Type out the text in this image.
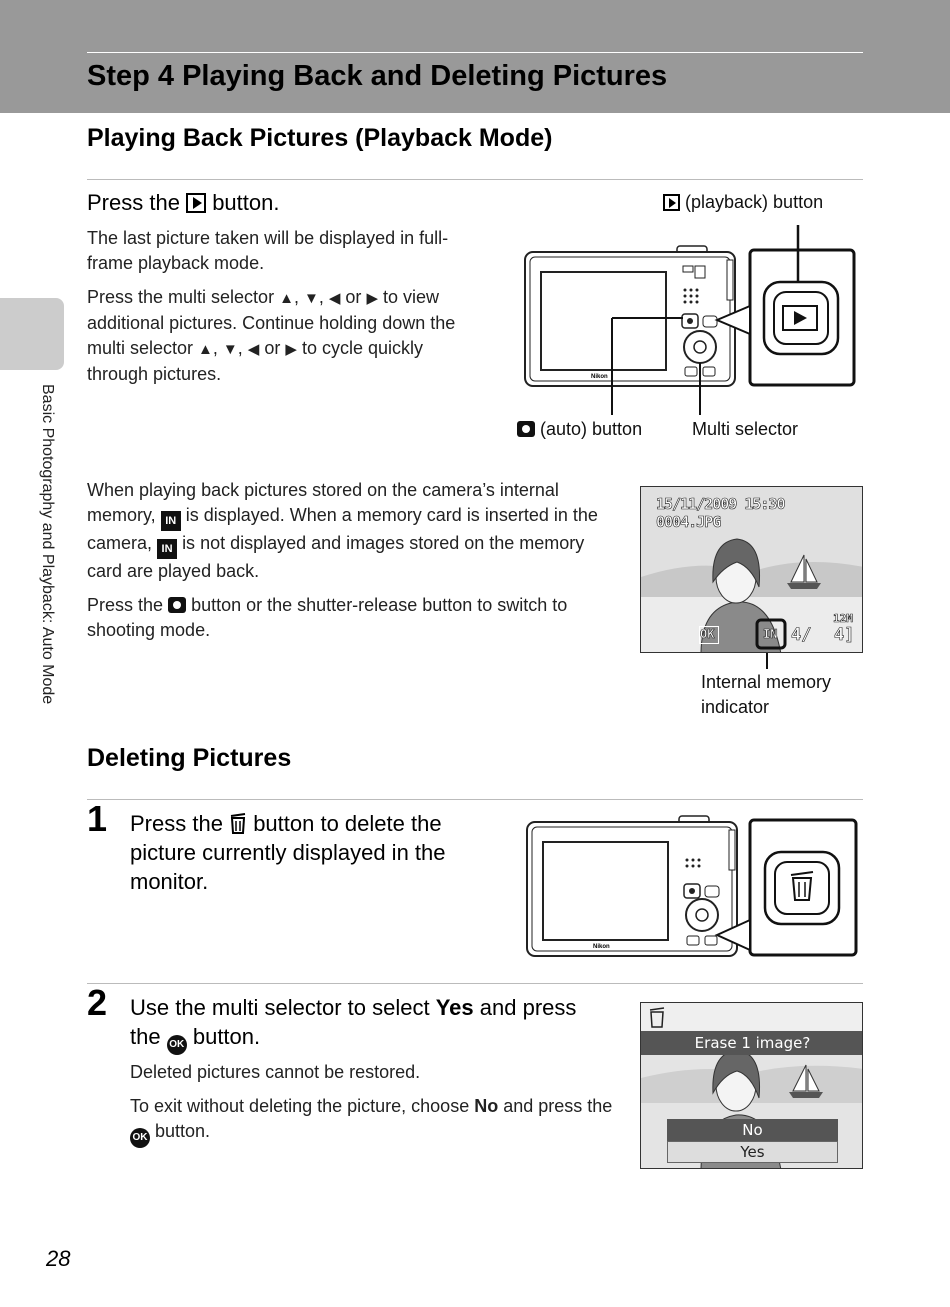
Step 4 Playing Back and Deleting Pictures
Basic Photography and Playback: Auto Mode
Playing Back Pictures (Playback Mode)
Press the button.

The last picture taken will be displayed in full-frame playback mode.

Press the multi selector ▲, ▼, ◀ or ▶ to view additional pictures. Continue holding down the multi selector ▲, ▼, ◀ or ▶ to cycle quickly through pictures.	Nikon
(playback) button
(auto) button	Multi selector

When playing back pictures stored on the camera’s internal memory, IN is displayed. When a memory card is inserted in the camera, IN is not displayed and images stored on the memory card are played back.

Press the button or the shutter-release button to switch to shooting mode.

15/11/2009 15:30
0004.JPG
12M
OK	IN 4/ 4]
Internal memory indicator
Deleting Pictures
1 Press the button to delete the picture currently displayed in the monitor.
Nikon
2 Use the multi selector to select Yes and press the OK button.

Deleted pictures cannot be restored.

To exit without deleting the picture, choose No and press the OK button.

Erase 1 image?
No
Yes
28
